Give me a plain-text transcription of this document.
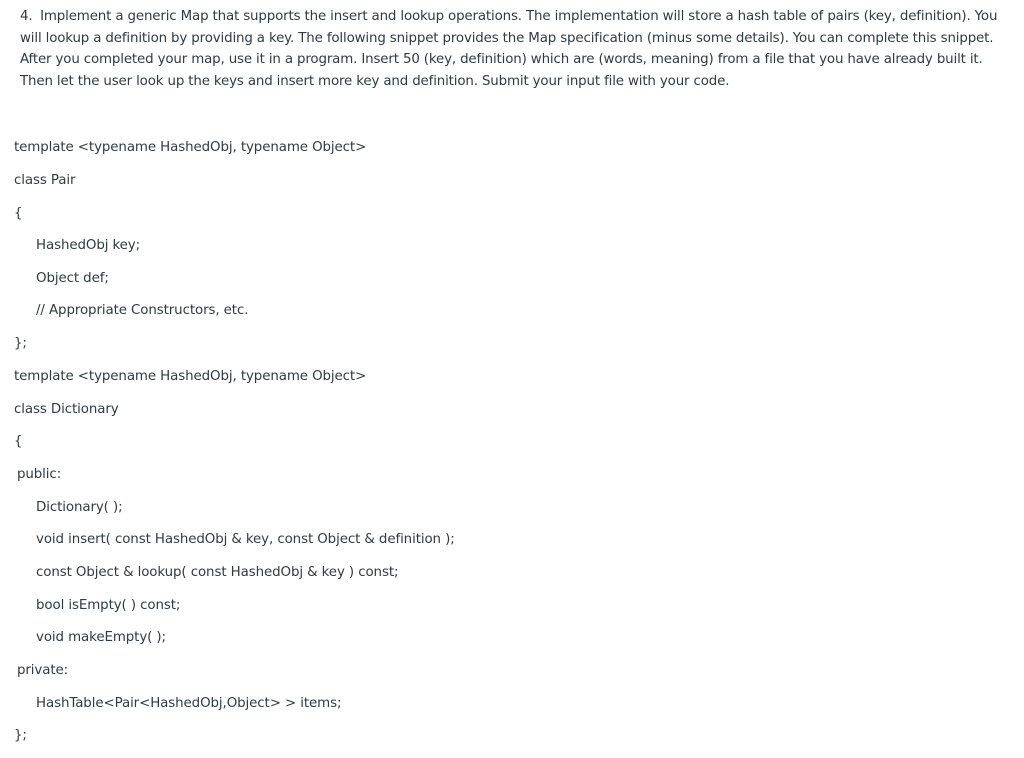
4. Implement a generic Map that supports the insert and lookup operations. The implementation will store a hash table of pairs (key, definition). You will lookup a definition by providing a key. The following snippet provides the Map specification (minus some details). You can complete this snippet. After you completed your map, use it in a program. Insert 50 (key, definition) which are (words, meaning) from a file that you have already built it. Then let the user look up the keys and insert more key and definition. Submit your input file with your code.
template <typename HashedObj, typename Object>
class Pair
{
HashedObj key;
Object def;
// Appropriate Constructors, etc.
};
template <typename HashedObj, typename Object>
class Dictionary
{
public:
Dictionary( );
void insert( const HashedObj & key, const Object & definition );
const Object & lookup( const HashedObj & key ) const;
bool isEmpty( ) const;
void makeEmpty( );
private:
HashTable<Pair<HashedObj,Object> > items;
};
